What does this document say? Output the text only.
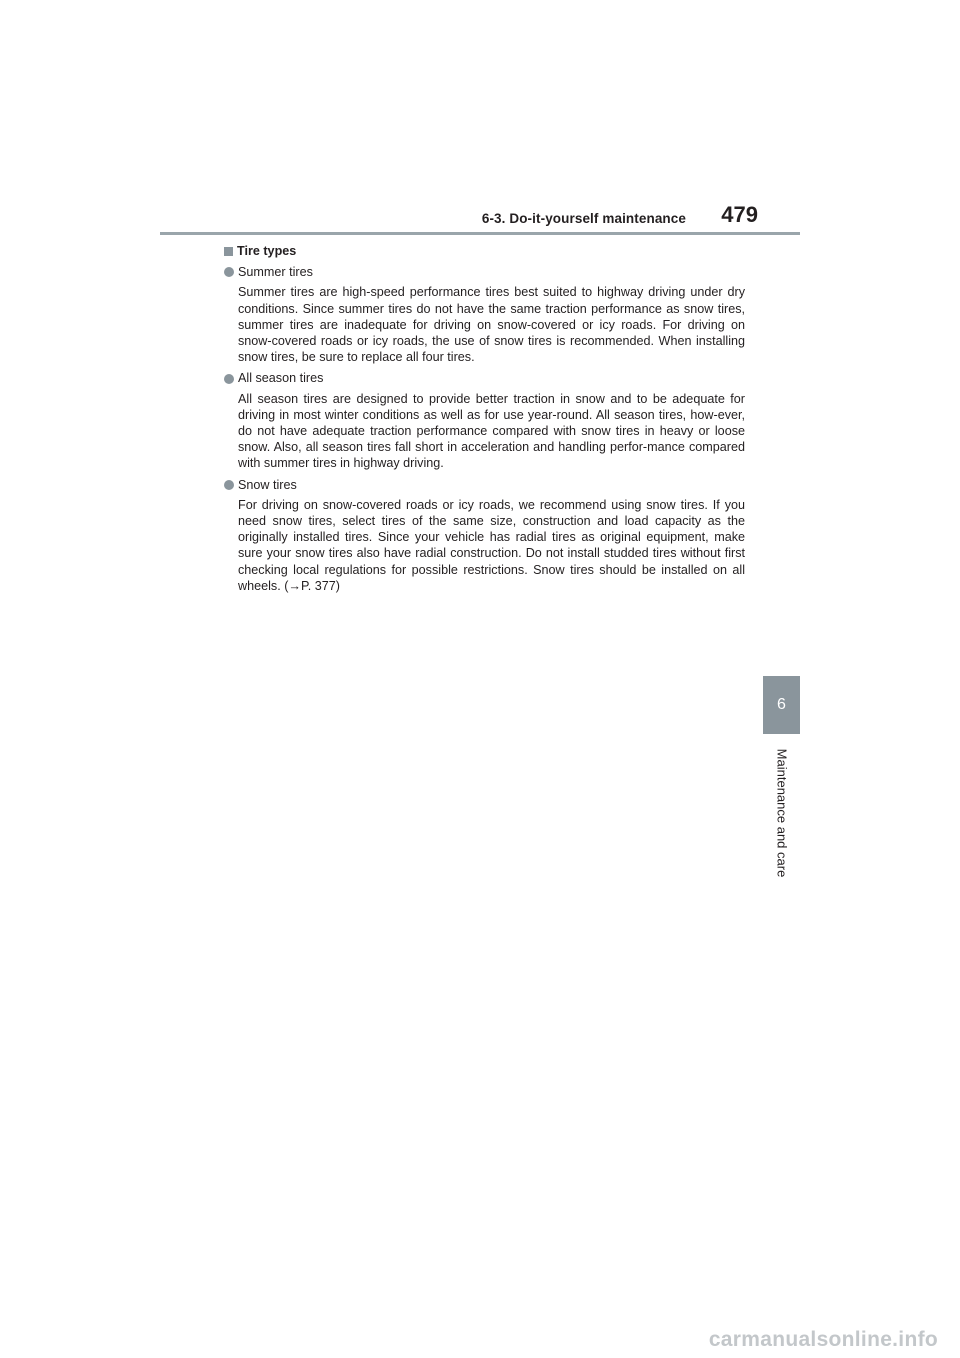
6-3. Do-it-yourself maintenance 479
6
Maintenance and care
Tire types
Summer tires
Summer tires are high-speed performance tires best suited to highway driving under dry conditions. Since summer tires do not have the same traction performance as snow tires, summer tires are inadequate for driving on snow-covered or icy roads. For driving on snow-covered roads or icy roads, the use of snow tires is recommended. When installing snow tires, be sure to replace all four tires.
All season tires
All season tires are designed to provide better traction in snow and to be adequate for driving in most winter conditions as well as for use year-round. All season tires, how-ever, do not have adequate traction performance compared with snow tires in heavy or loose snow. Also, all season tires fall short in acceleration and handling perfor-mance compared with summer tires in highway driving.
Snow tires
For driving on snow-covered roads or icy roads, we recommend using snow tires. If you need snow tires, select tires of the same size, construction and load capacity as the originally installed tires. Since your vehicle has radial tires as original equipment, make sure your snow tires also have radial construction. Do not install studded tires without first checking local regulations for possible restrictions. Snow tires should be installed on all wheels. (→P. 377)
carmanualsonline.info
